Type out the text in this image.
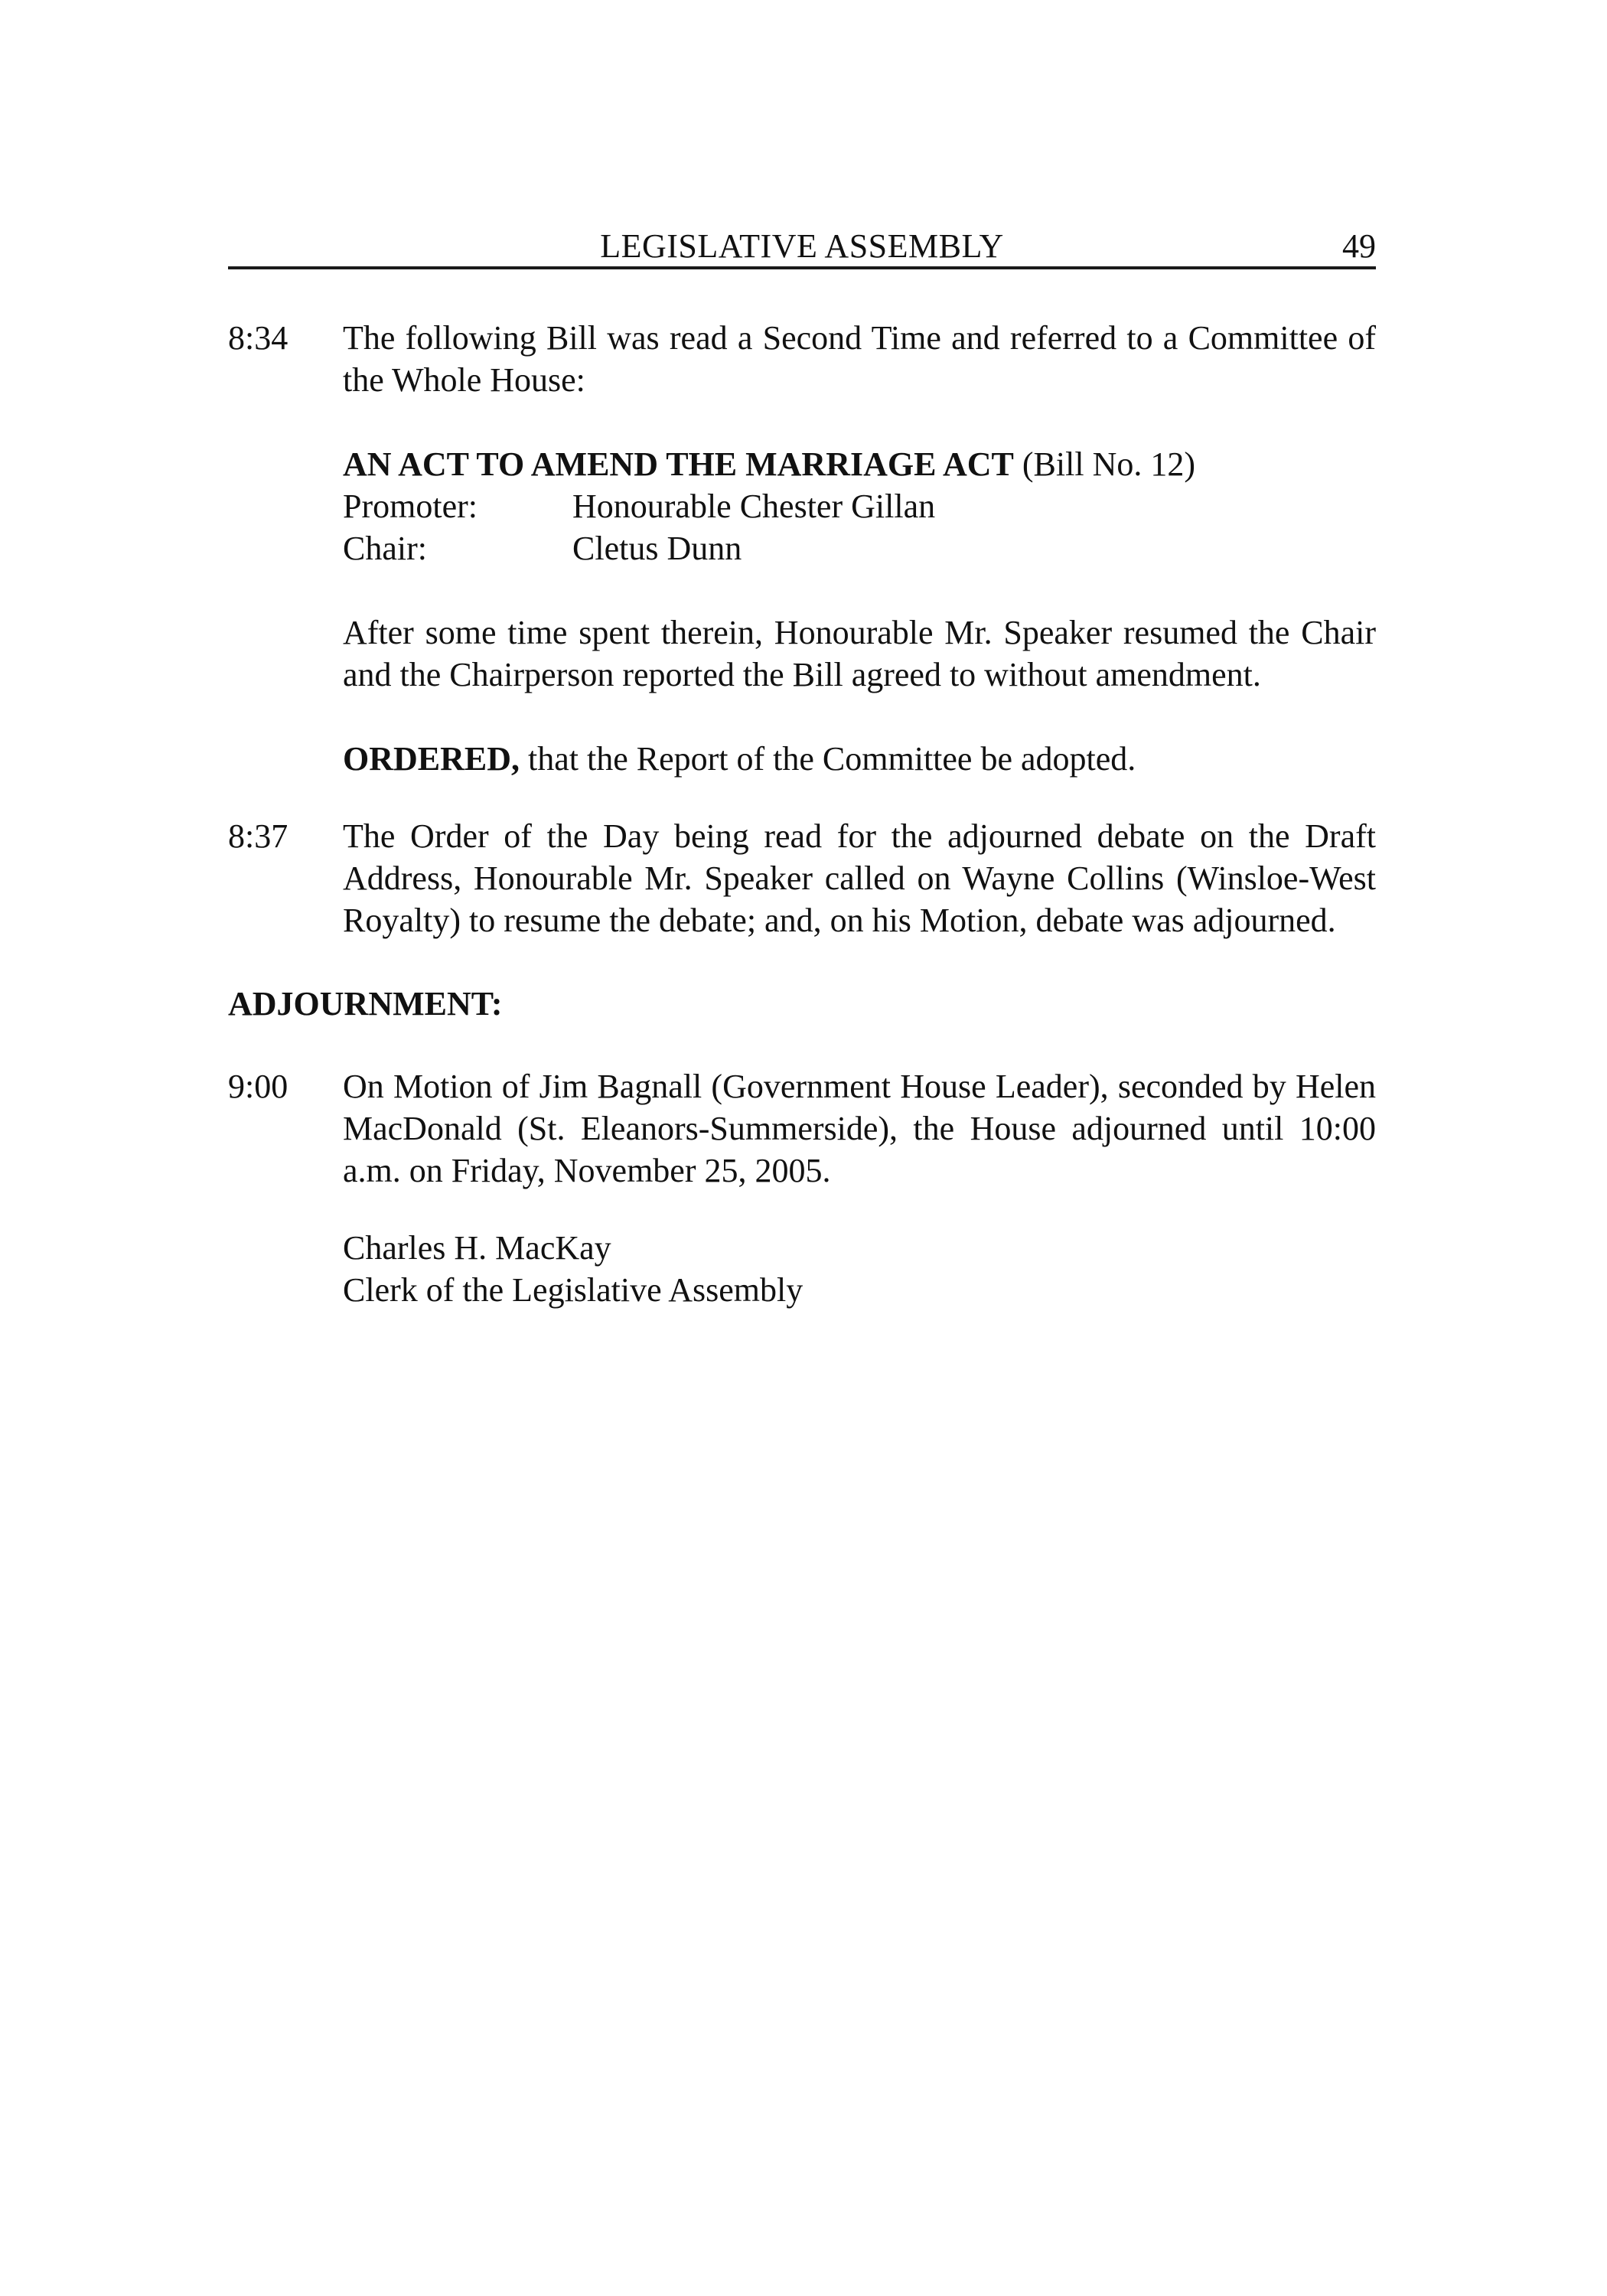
LEGISLATIVE ASSEMBLY	49
8:34 The following Bill was read a Second Time and referred to a Committee of the Whole House:

AN ACT TO AMEND THE MARRIAGE ACT (Bill No. 12)
Promoter:	Honourable Chester Gillan
Chair:	Cletus Dunn

After some time spent therein, Honourable Mr. Speaker resumed the Chair and the Chairperson reported the Bill agreed to without amendment.

ORDERED, that the Report of the Committee be adopted.
8:37 The Order of the Day being read for the adjourned debate on the Draft Address, Honourable Mr. Speaker called on Wayne Collins (Winsloe-West Royalty) to resume the debate; and, on his Motion, debate was adjourned.

ADJOURNMENT:
9:00 On Motion of Jim Bagnall (Government House Leader), seconded by Helen MacDonald (St. Eleanors-Summerside), the House adjourned until 10:00 a.m. on Friday, November 25, 2005.

Charles H. MacKay
Clerk of the Legislative Assembly
